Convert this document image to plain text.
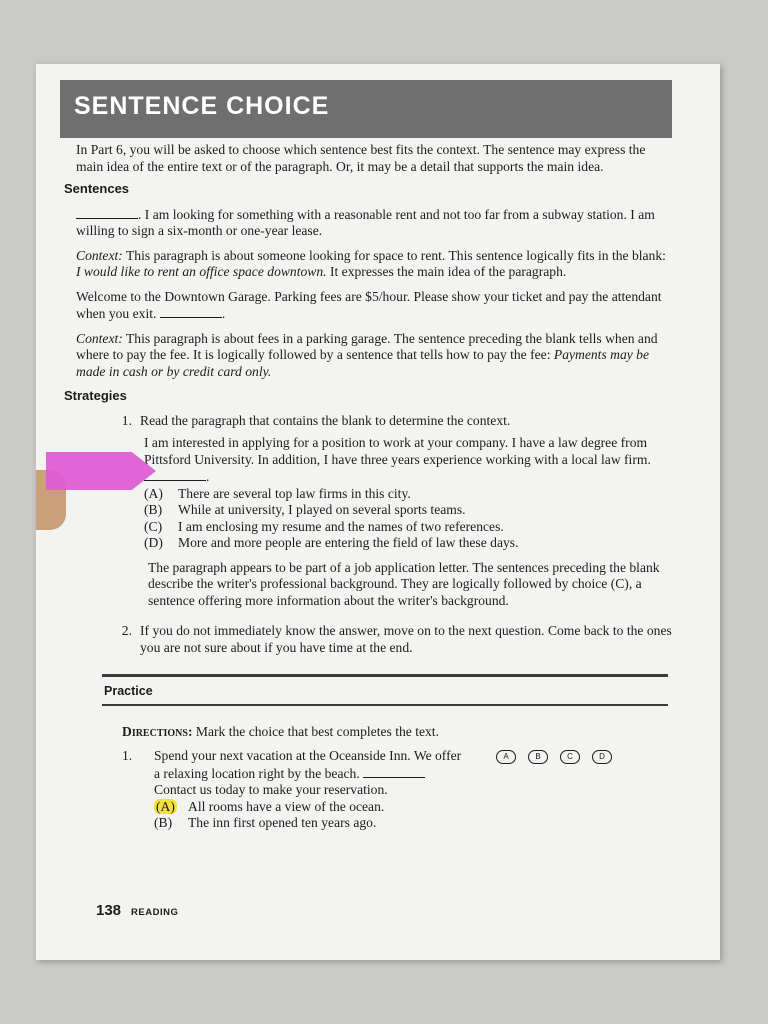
SENTENCE CHOICE

In Part 6, you will be asked to choose which sentence best fits the context. The sentence may express the main idea of the entire text or of the paragraph. Or, it may be a detail that supports the main idea.

Sentences

. I am looking for something with a reasonable rent and not too far from a subway station. I am willing to sign a six-month or one-year lease.

Context: This paragraph is about someone looking for space to rent. This sentence logically fits in the blank: I would like to rent an office space downtown. It expresses the main idea of the paragraph.

Welcome to the Downtown Garage. Parking fees are $5/hour. Please show your ticket and pay the attendant when you exit.	.

Context: This paragraph is about fees in a parking garage. The sentence preceding the blank tells when and where to pay the fee. It is logically followed by a sentence that tells how to pay the fee: Payments may be made in cash or by credit card only.

Strategies
1. Read the paragraph that contains the blank to determine the context.

I am interested in applying for a position to work at your company. I have a law degree from Pittsford University. In addition, I have three years experience working with a local law firm. .

(A)	There are several top law firms in this city.
(B)	While at university, I played on several sports teams.
(C)	I am enclosing my resume and the names of two references.
(D)	More and more people are entering the field of law these days.

The paragraph appears to be part of a job application letter. The sentences preceding the blank describe the writer's professional background. They are logically followed by choice (C), a sentence offering more information about the writer's background.

2. If you do not immediately know the answer, move on to the next question. Come back to the ones you are not sure about if you have time at the end.
Practice

Directions: Mark the choice that best completes the text.

1.	Spend your next vacation at the Oceanside Inn. We offer a relaxing location right by the beach.  Contact us today to make your reservation.
A	B	C	D
(A) All rooms have a view of the ocean.
(B)	The inn first opened ten years ago.
138 READING
